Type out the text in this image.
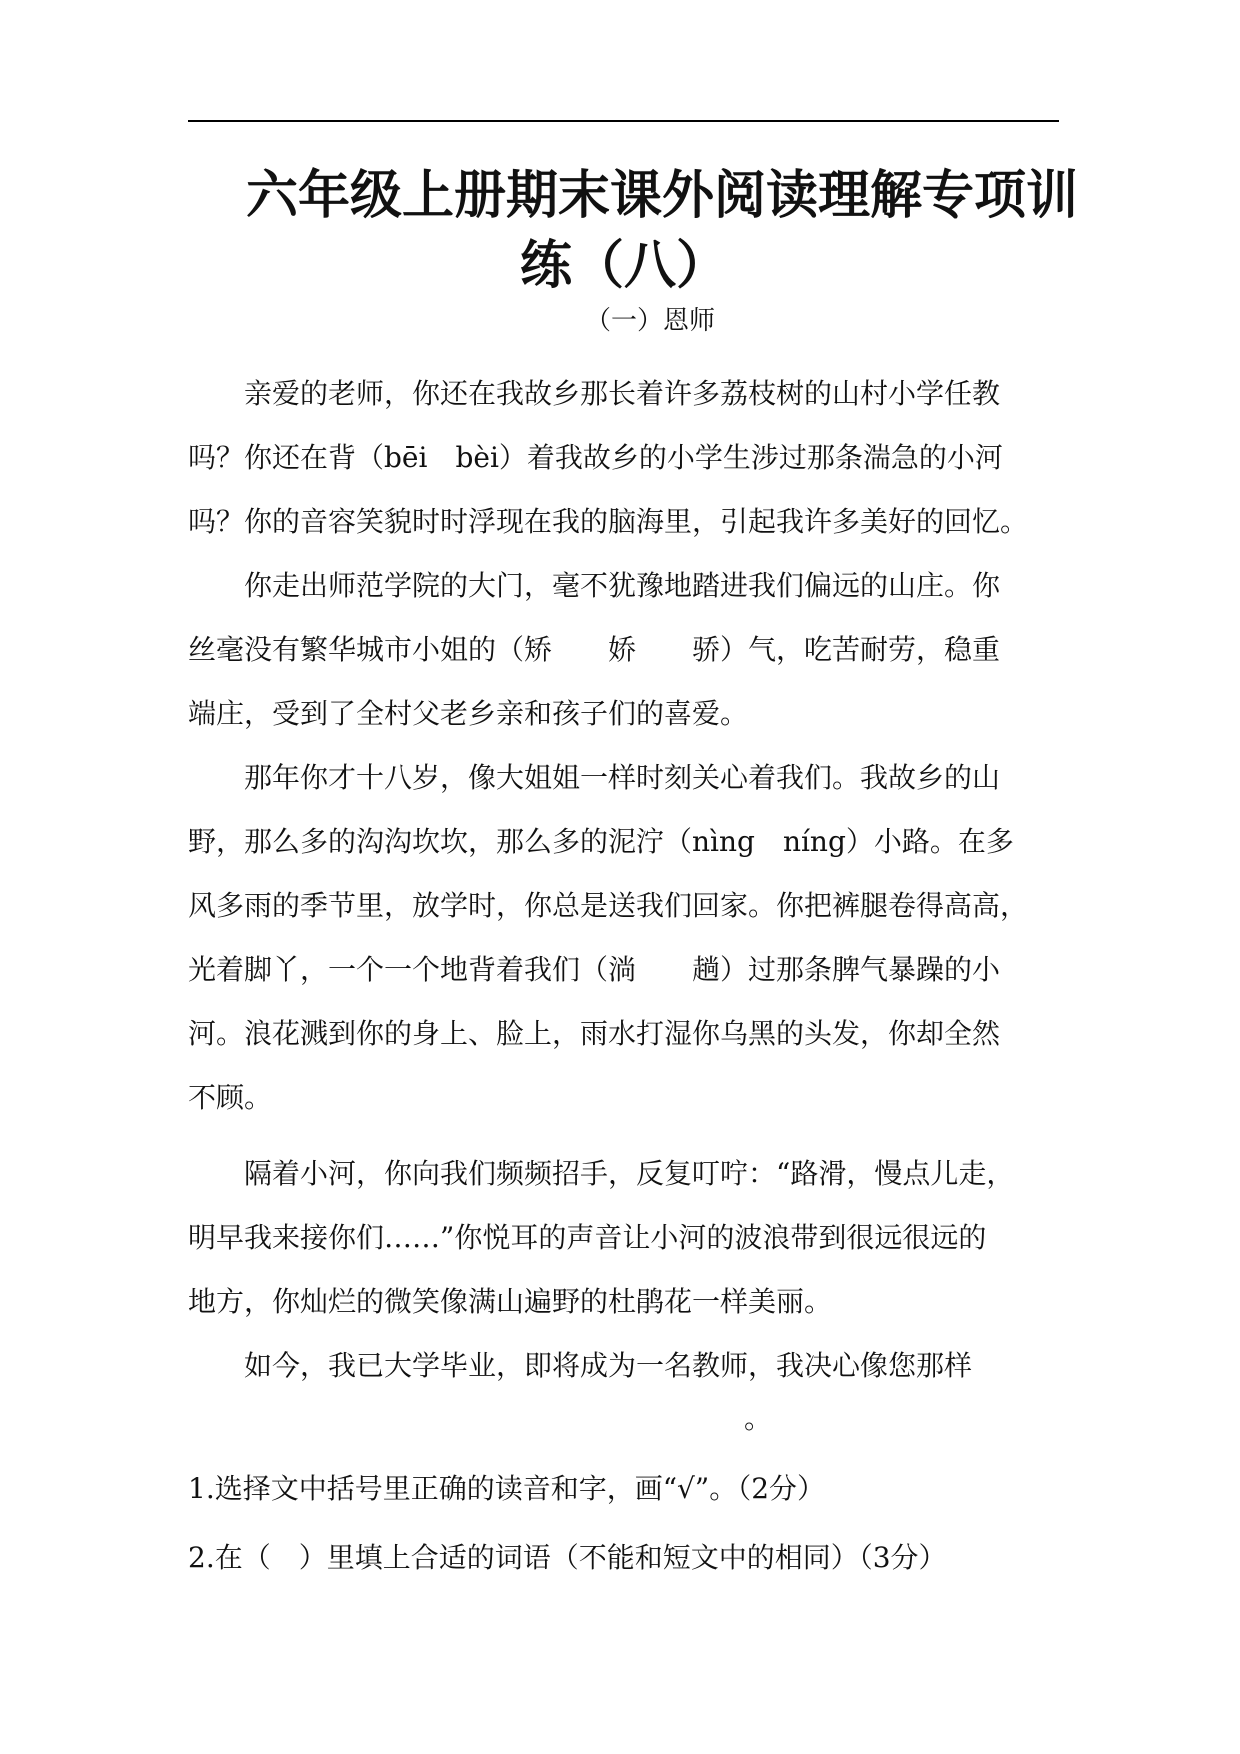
六年级上册期末课外阅读理解专项训
练（八）
（一）恩师
　　亲爱的老师，你还在我故乡那长着许多荔枝树的山村小学任教
吗？你还在背（bēi　bèi）着我故乡的小学生涉过那条湍急的小河
吗？你的音容笑貌时时浮现在我的脑海里，引起我许多美好的回忆。
　　你走出师范学院的大门，毫不犹豫地踏进我们偏远的山庄。你
丝毫没有繁华城市小姐的（矫　　娇　　骄）气，吃苦耐劳，稳重
端庄，受到了全村父老乡亲和孩子们的喜爱。
　　那年你才十八岁，像大姐姐一样时刻关心着我们。我故乡的山
野，那么多的沟沟坎坎，那么多的泥泞（nìng　níng）小路。在多
风多雨的季节里，放学时，你总是送我们回家。你把裤腿卷得高高，
光着脚丫，一个一个地背着我们（淌　　趟）过那条脾气暴躁的小
河。浪花溅到你的身上、脸上，雨水打湿你乌黑的头发，你却全然
不顾。
　　隔着小河，你向我们频频招手，反复叮咛：“路滑，慢点儿走，
明早我来接你们……”你悦耳的声音让小河的波浪带到很远很远的
地方，你灿烂的微笑像满山遍野的杜鹃花一样美丽。
　　如今，我已大学毕业，即将成为一名教师，我决心像您那样
。
1.选择文中括号里正确的读音和字，画“√”。（2分）
2.在（　）里填上合适的词语（不能和短文中的相同）（3分）
